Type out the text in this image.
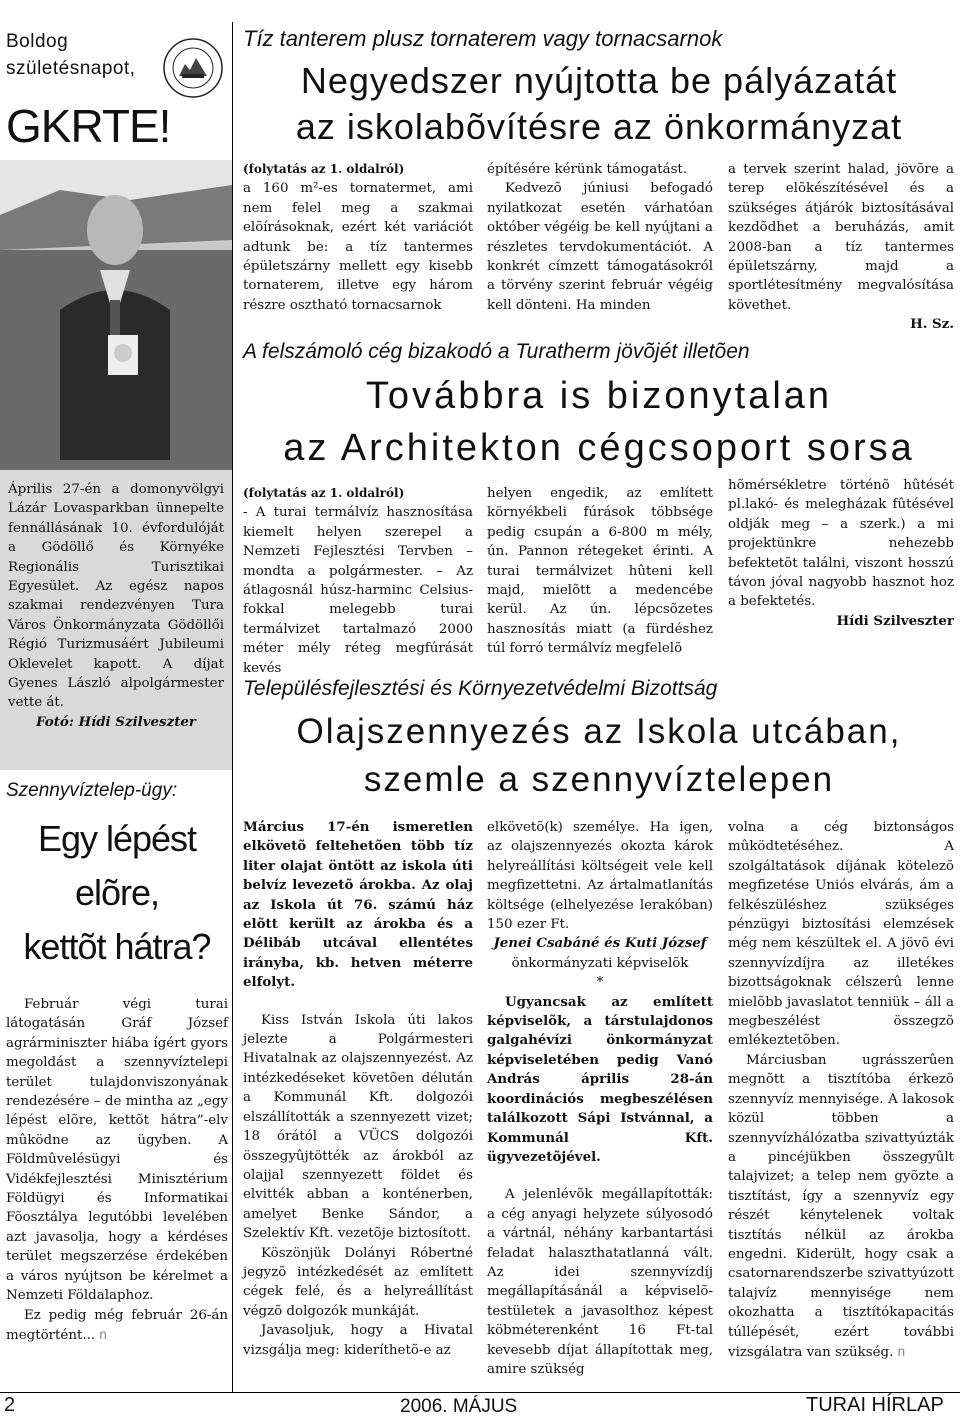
Boldog születésnapot,
GKRTE!

Április 27-én a domonyvölgyi Lázár Lovasparkban ünnepelte fennállásának 10. évfordulóját a Gödöllő és Környéke Regionális Turisztikai Egyesület. Az egész napos szakmai rendezvényen Tura Város Önkormányzata Gödöllői Régió Turizmusáért Jubileumi Oklevelet kapott. A díjat Gyenes László alpolgármester vette át.

Fotó: Hídi Szilveszter

Szennyvíztelep-ügy:
Egy lépést
elõre,
kettõt hátra?

Február végi turai látogatásán Gráf József agrárminiszter hiába ígért gyors megoldást a szennyvíztelepi terület tulajdonviszonyának rendezésére – de mintha az „egy lépést elõre, kettõt hátra”-elv mûködne az ügyben. A Földmûvelésügyi és Vidékfejlesztési Minisztérium Földügyi és Informatikai Fõosztálya legutóbbi levelében azt javasolja, hogy a kérdéses terület megszerzése érdekében a város nyújtson be kérelmet a Nemzeti Földalaphoz.

Ez pedig még február 26-án megtörtént... n

Tíz tanterem plusz tornaterem vagy tornacsarnok
Negyedszer nyújtotta be pályázatát
az iskolabõvítésre az önkormányzat

(folytatás az 1. oldalról)

a 160 m²-es tornatermet, ami nem felel meg a szakmai elõírásoknak, ezért két variációt adtunk be: a tíz tantermes épületszárny mellett egy kisebb tornaterem, illetve egy három részre osztható tornacsarnok

építésére kérünk támogatást.

Kedvezõ júniusi befogadó nyilatkozat esetén várhatóan október végéig be kell nyújtani a részletes tervdokumentációt. A konkrét címzett támogatásokról a törvény szerint február végéig kell dönteni. Ha minden

a tervek szerint halad, jövõre a terep elõkészítésével és a szükséges átjárók biztosításával kezdõdhet a beruházás, amit 2008-ban a tíz tantermes épületszárny, majd a sportlétesítmény megvalósítása követhet.

H. Sz.

A felszámoló cég bizakodó a Turatherm jövõjét illetõen
Továbbra is bizonytalan
az Architekton cégcsoport sorsa

(folytatás az 1. oldalról)

- A turai termálvíz hasznosítása kiemelt helyen szerepel a Nemzeti Fejlesztési Tervben – mondta a polgármester. – Az átlagosnál húsz-harminc Celsius-fokkal melegebb turai termálvizet tartalmazó 2000 méter mély réteg megfúrását kevés

helyen engedik, az említett környékbeli fúrások többsége pedig csupán a 6-800 m mély, ún. Pannon rétegeket érinti. A turai termálvizet hûteni kell majd, mielõtt a medencébe kerül. Az ún. lépcsõzetes hasznosítás miatt (a fürdéshez túl forró termálvíz megfelelõ

hõmérsékletre történõ hûtését pl.lakó- és melegházak fûtésével oldják meg – a szerk.) a mi projektünkre nehezebb befektetõt találni, viszont hosszú távon jóval nagyobb hasznot hoz a befektetés.

Hídi Szilveszter

Településfejlesztési és Környezetvédelmi Bizottság
Olajszennyezés az Iskola utcában,
szemle a szennyvíztelepen

Március 17-én ismeretlen elkövetõ feltehetõen több tíz liter olajat öntött az iskola úti belvíz levezetõ árokba. Az olaj az Iskola út 76. számú ház elõtt került az árokba és a Délibáb utcával ellentétes irányba, kb. hetven méterre elfolyt.

Kiss István Iskola úti lakos jelezte a Polgármesteri Hivatalnak az olajszennyezést. Az intézkedéseket követõen délután a Kommunál Kft. dolgozói elszállították a szennyezett vizet; 18 órától a VÜCS dolgozói összegyûjtötték az árokból az olajjal szennyezett földet és elvitték abban a konténerben, amelyet Benke Sándor, a Szelektív Kft. vezetõje biztosított.

Köszönjük Dolányi Róbertné jegyzõ intézkedését az említett cégek felé, és a helyreállítást végzõ dolgozók munkáját.

Javasoljuk, hogy a Hivatal vizsgálja meg: kideríthetõ-e az

elkövetõ(k) személye. Ha igen, az olajszennyezés okozta károk helyreállítási költségeit vele kell megfizettetni. Az ártalmatlanítás költsége (elhelyezése lerakóban) 150 ezer Ft.

Jenei Csabáné és Kuti József

önkormányzati képviselõk

*

Ugyancsak az említett képviselõk, a társtulajdonos galgahévízi önkormányzat képviseletében pedig Vanó András április 28-án koordinációs megbeszélésen találkozott Sápi Istvánnal, a Kommunál Kft. ügyvezetõjével.

A jelenlévõk megállapították: a cég anyagi helyzete súlyosodó a vártnál, néhány karbantartási feladat halaszthatatlanná vált. Az idei szennyvízdíj megállapításánál a képviselõ-testületek a javasolthoz képest köbméterenként 16 Ft-tal kevesebb díjat állapítottak meg, amire szükség

volna a cég biztonságos mûködtetéséhez. A szolgáltatások díjának kötelezõ megfizetése Uniós elvárás, ám a felkészüléshez szükséges pénzügyi biztosítási elemzések még nem készültek el. A jövõ évi szennyvízdíjra az illetékes bizottságoknak célszerû lenne mielõbb javaslatot tenniük – áll a megbeszélést összegzõ emlékeztetõben.

Márciusban ugrásszerûen megnõtt a tisztítóba érkezõ szennyvíz mennyisége. A lakosok közül többen a szennyvízhálózatba szivattyúzták a pincéjükben összegyûlt talajvizet; a telep nem gyõzte a tisztítást, így a szennyvíz egy részét kénytelenek voltak tisztítás nélkül az árokba engedni. Kiderült, hogy csak a csatornarendszerbe szivattyúzott talajvíz mennyisége nem okozhatta a tisztítókapacitás túllépését, ezért további vizsgálatra van szükség. n

2	2006. MÁJUS	TURAI HÍRLAP
